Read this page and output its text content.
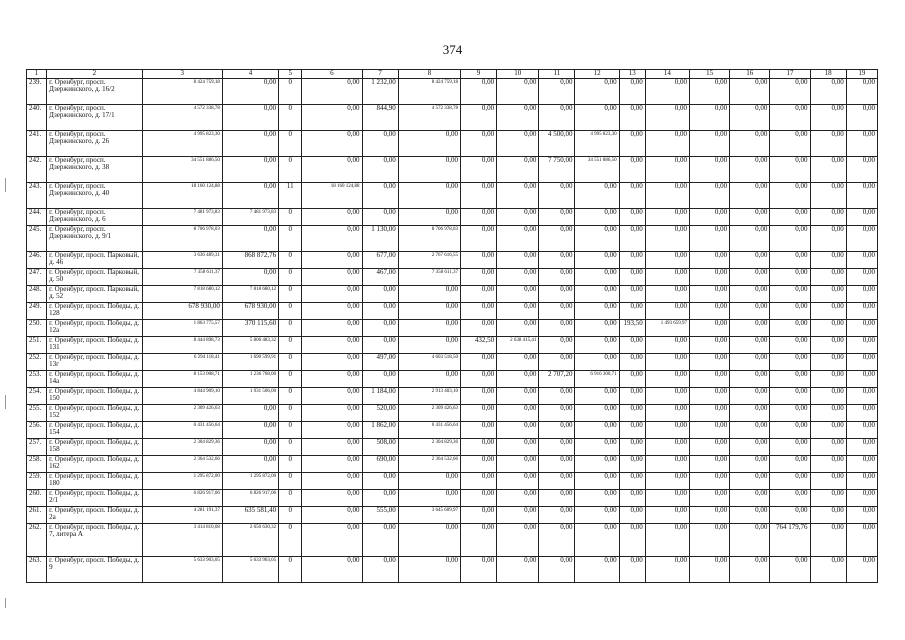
374
1	2	3	4	5	6	7	8	9	10	11	12	13	14	15	16	17	18	19
239.	г. Оренбург, просп. Дзержинского, д. 16/2	8 424 759,18	0,00	0	0,00	1 232,00	8 424 759,18	0,00	0,00	0,00	0,00	0,00	0,00	0,00	0,00	0,00	0,00	0,00
240.	г. Оренбург, просп. Дзержинского, д. 17/1	4 572 338,78	0,00	0	0,00	844,90	4 572 338,78	0,00	0,00	0,00	0,00	0,00	0,00	0,00	0,00	0,00	0,00	0,00
241.	г. Оренбург, просп. Дзержинского, д. 26	4 995 823,30	0,00	0	0,00	0,00	0,00	0,00	0,00	4 500,00	4 995 823,30	0,00	0,00	0,00	0,00	0,00	0,00	0,00
242.	г. Оренбург, просп. Дзержинского, д. 38	34 551 886,50	0,00	0	0,00	0,00	0,00	0,00	0,00	7 750,00	34 551 886,50	0,00	0,00	0,00	0,00	0,00	0,00	0,00
243.	г. Оренбург, просп. Дзержинского, д. 40	18 160 124,88	0,00	11	18 160 124,88	0,00	0,00	0,00	0,00	0,00	0,00	0,00	0,00	0,00	0,00	0,00	0,00	0,00
244.	г. Оренбург, просп. Дзержинского, д. 6	7 481 973,83	7 481 973,83	0	0,00	0,00	0,00	0,00	0,00	0,00	0,00	0,00	0,00	0,00	0,00	0,00	0,00	0,00
245.	г. Оренбург, просп. Дзержинского, д. 9/1	8 706 978,03	0,00	0	0,00	1 130,00	8 706 978,03	0,00	0,00	0,00	0,00	0,00	0,00	0,00	0,00	0,00	0,00	0,00
246.	г. Оренбург, просп. Парковый, д. 46	3 636 489,31	868 872,76	0	0,00	677,00	2 767 616,55	0,00	0,00	0,00	0,00	0,00	0,00	0,00	0,00	0,00	0,00	0,00
247.	г. Оренбург, просп. Парковый, д. 50	7 358 611,37	0,00	0	0,00	467,00	7 358 611,37	0,00	0,00	0,00	0,00	0,00	0,00	0,00	0,00	0,00	0,00	0,00
248.	г. Оренбург, просп. Парковый, д. 52	7 818 680,12	7 818 680,12	0	0,00	0,00	0,00	0,00	0,00	0,00	0,00	0,00	0,00	0,00	0,00	0,00	0,00	0,00
249.	г. Оренбург, просп. Победы, д. 128	678 930,00	678 930,00	0	0,00	0,00	0,00	0,00	0,00	0,00	0,00	0,00	0,00	0,00	0,00	0,00	0,00	0,00
250.	г. Оренбург, просп. Победы, д. 12а	1 863 775,57	370 115,60	0	0,00	0,00	0,00	0,00	0,00	0,00	0,00	193,50	1 493 659,97	0,00	0,00	0,00	0,00	0,00
251.	г. Оренбург, просп. Победы, д. 131	8 444 898,73	5 806 483,32	0	0,00	0,00	0,00	432,50	2 638 415,41	0,00	0,00	0,00	0,00	0,00	0,00	0,00	0,00	0,00
252.	г. Оренбург, просп. Победы, д. 13г	6 294 118,41	1 690 599,91	0	0,00	497,00	4 603 518,50	0,00	0,00	0,00	0,00	0,00	0,00	0,00	0,00	0,00	0,00	0,00
253.	г. Оренбург, просп. Победы, д. 14а	8 153 008,71	1 236 708,00	0	0,00	0,00	0,00	0,00	0,00	2 707,20	6 916 300,71	0,00	0,00	0,00	0,00	0,00	0,00	0,00
254.	г. Оренбург, просп. Победы, д. 150	4 844 909,10	1 931 506,00	0	0,00	1 184,00	2 913 403,10	0,00	0,00	0,00	0,00	0,00	0,00	0,00	0,00	0,00	0,00	0,00
255.	г. Оренбург, просп. Победы, д. 152	2 309 426,63	0,00	0	0,00	520,00	2 309 426,63	0,00	0,00	0,00	0,00	0,00	0,00	0,00	0,00	0,00	0,00	0,00
256.	г. Оренбург, просп. Победы, д. 154	6 431 456,64	0,00	0	0,00	1 862,00	6 431 456,64	0,00	0,00	0,00	0,00	0,00	0,00	0,00	0,00	0,00	0,00	0,00
257.	г. Оренбург, просп. Победы, д. 158	2 304 829,36	0,00	0	0,00	508,00	2 304 829,36	0,00	0,00	0,00	0,00	0,00	0,00	0,00	0,00	0,00	0,00	0,00
258.	г. Оренбург, просп. Победы, д. 162	2 364 532,66	0,00	0	0,00	690,00	2 364 532,66	0,00	0,00	0,00	0,00	0,00	0,00	0,00	0,00	0,00	0,00	0,00
259.	г. Оренбург, просп. Победы, д. 180	1 295 872,00	1 295 872,00	0	0,00	0,00	0,00	0,00	0,00	0,00	0,00	0,00	0,00	0,00	0,00	0,00	0,00	0,00
260.	г. Оренбург, просп. Победы, д. 2/1	6 826 917,06	6 826 917,06	0	0,00	0,00	0,00	0,00	0,00	0,00	0,00	0,00	0,00	0,00	0,00	0,00	0,00	0,00
261.	г. Оренбург, просп. Победы, д. 2а	4 281 191,37	635 581,40	0	0,00	555,00	3 645 609,97	0,00	0,00	0,00	0,00	0,00	0,00	0,00	0,00	0,00	0,00	0,00
262.	г. Оренбург, просп. Победы, д. 7, литера А	3 414 810,08	2 650 630,32	0	0,00	0,00	0,00	0,00	0,00	0,00	0,00	0,00	0,00	0,00	0,00	764 179,76	0,00	0,00
263.	г. Оренбург, просп. Победы, д. 9	5 633 903,05	5 633 903,05	0	0,00	0,00	0,00	0,00	0,00	0,00	0,00	0,00	0,00	0,00	0,00	0,00	0,00	0,00
